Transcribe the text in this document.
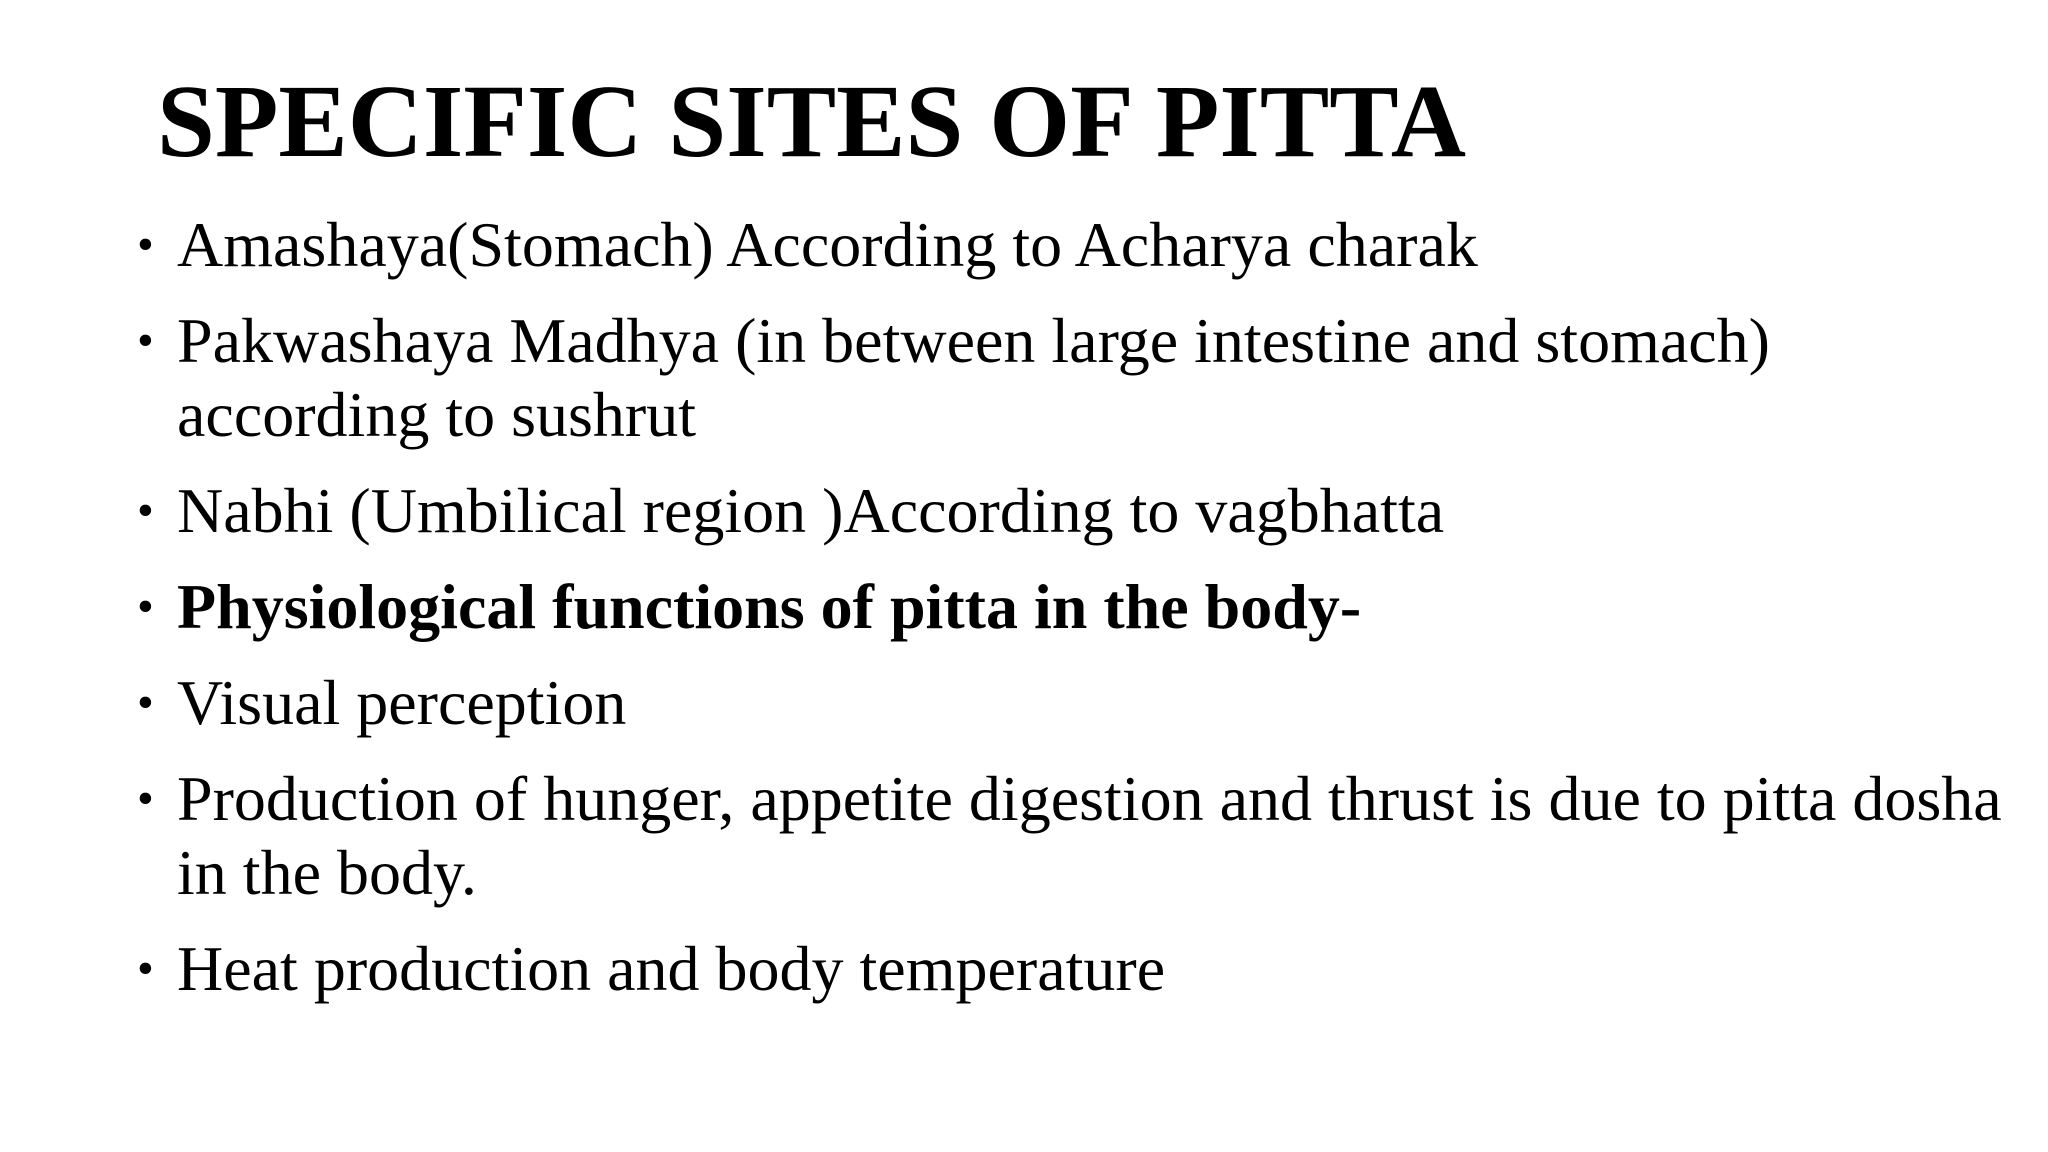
SPECIFIC SITES OF PITTA
• Amashaya(Stomach) According to Acharya charak
• Pakwashaya Madhya (in between large intestine and stomach) according to sushrut
• Nabhi (Umbilical region )According to vagbhatta
• Physiological functions of pitta in the body-
• Visual perception
• Production of hunger, appetite digestion and thrust is due to pitta dosha in the body.
• Heat production and body temperature
